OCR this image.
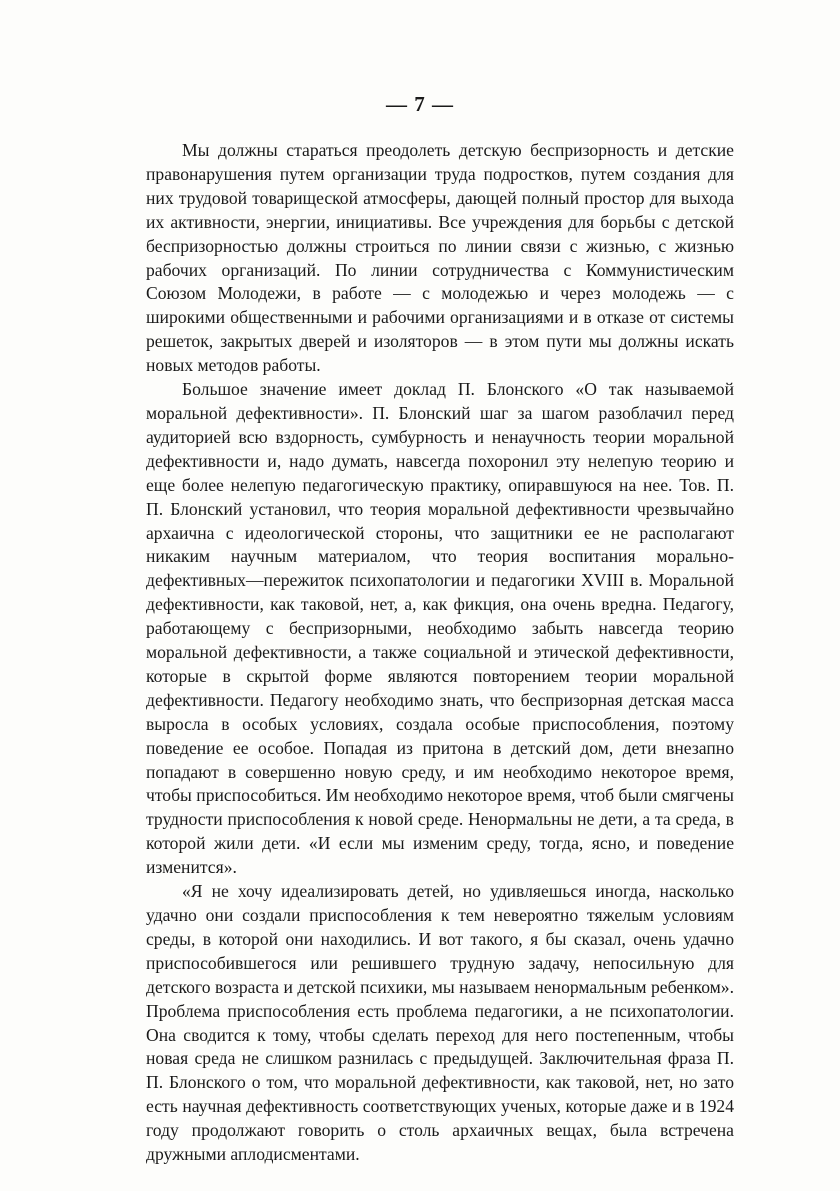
— 7 —

Мы должны стараться преодолеть детскую беспризорность и детские правонарушения путем организации труда подростков, путем создания для них трудовой товарищеской атмосферы, дающей полный простор для выхода их активности, энергии, инициативы. Все учреждения для борьбы с детской беспризорностью должны строиться по линии связи с жизнью, с жизнью рабочих организаций. По линии сотрудничества с Коммунистическим Союзом Молодежи, в работе — с молодежью и через молодежь — с широкими общественными и рабочими организациями и в отказе от системы решеток, закрытых дверей и изоляторов — в этом пути мы должны искать новых методов работы.

Большое значение имеет доклад П. Блонского «О так называемой моральной дефективности». П. Блонский шаг за шагом разоблачил перед аудиторией всю вздорность, сумбурность и ненаучность теории моральной дефективности и, надо думать, навсегда похоронил эту нелепую теорию и еще более нелепую педагогическую практику, опиравшуюся на нее. Тов. П. П. Блонский установил, что теория моральной дефективности чрезвычайно архаична с идеологической стороны, что защитники ее не располагают никаким научным материалом, что теория воспитания морально-дефективных—пережиток психопатологии и педагогики XVIII в. Моральной дефективности, как таковой, нет, а, как фикция, она очень вредна. Педагогу, работающему с беспризорными, необходимо забыть навсегда теорию моральной дефективности, а также социальной и этической дефективности, которые в скрытой форме являются повторением теории моральной дефективности. Педагогу необходимо знать, что беспризорная детская масса выросла в особых условиях, создала особые приспособления, поэтому поведение ее особое. Попадая из притона в детский дом, дети внезапно попадают в совершенно новую среду, и им необходимо некоторое время, чтобы приспособиться. Им необходимо некоторое время, чтоб были смягчены трудности приспособления к новой среде. Ненормальны не дети, а та среда, в которой жили дети. «И если мы изменим среду, тогда, ясно, и поведение изменится».

«Я не хочу идеализировать детей, но удивляешься иногда, насколько удачно они создали приспособления к тем невероятно тяжелым условиям среды, в которой они находились. И вот такого, я бы сказал, очень удачно приспособившегося или решившего трудную задачу, непосильную для детского возраста и детской психики, мы называем ненормальным ребенком». Проблема приспособления есть проблема педагогики, а не психопатологии. Она сводится к тому, чтобы сделать переход для него постепенным, чтобы новая среда не слишком разнилась с предыдущей. Заключительная фраза П. П. Блонского о том, что моральной дефективности, как таковой, нет, но зато есть научная дефективность соответствующих ученых, которые даже и в 1924 году продолжают говорить о столь архаичных вещах, была встречена дружными аплодисментами.
